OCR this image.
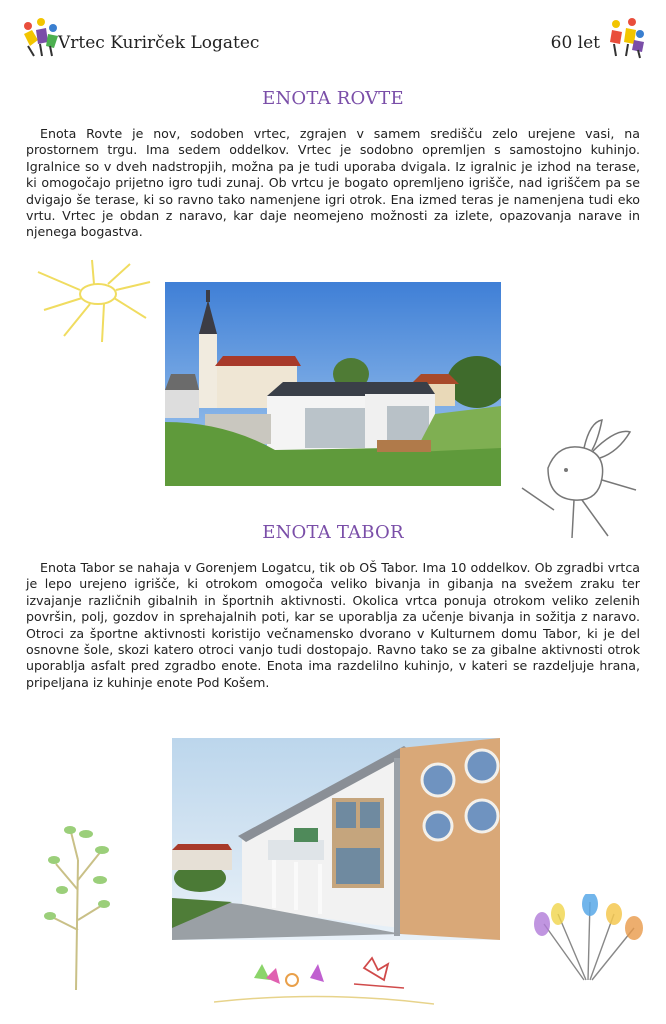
Vrtec Kurirček Logatec	60 let
ENOTA ROVTE

Enota Rovte je nov, sodoben vrtec, zgrajen v samem središču zelo urejene vasi, na prostornem trgu. Ima sedem oddelkov. Vrtec je sodobno opremljen s samostojno kuhinjo. Igralnice so v dveh nadstropjih, možna pa je tudi uporaba dvigala. Iz igralnic je izhod na terase, ki omogočajo prijetno igro tudi zunaj. Ob vrtcu je bogato opremljeno igrišče, nad igriščem pa se dvigajo še terase, ki so ravno tako namenjene igri otrok. Ena izmed teras je namenjena tudi eko vrtu. Vrtec je obdan z naravo, kar daje neomejeno možnosti za izlete, opazovanja narave in njenega bogastva.

ENOTA TABOR

Enota Tabor se nahaja v Gorenjem Logatcu, tik ob OŠ Tabor. Ima 10 oddelkov. Ob zgradbi vrtca je lepo urejeno igrišče, ki otrokom omogoča veliko bivanja in gibanja na svežem zraku ter izvajanje različnih gibalnih in športnih aktivnosti. Okolica vrtca ponuja otrokom veliko zelenih površin, polj, gozdov in sprehajalnih poti, kar se uporablja za učenje bivanja in sožitja z naravo. Otroci za športne aktivnosti koristijo večnamensko dvorano v Kulturnem domu Tabor, ki je del osnovne šole, skozi katero otroci vanjo tudi dostopajo. Ravno tako se za gibalne aktivnosti otrok uporablja asfalt pred zgradbo enote. Enota ima razdelilno kuhinjo, v kateri se razdeljuje hrana, pripeljana iz kuhinje enote Pod Košem.
